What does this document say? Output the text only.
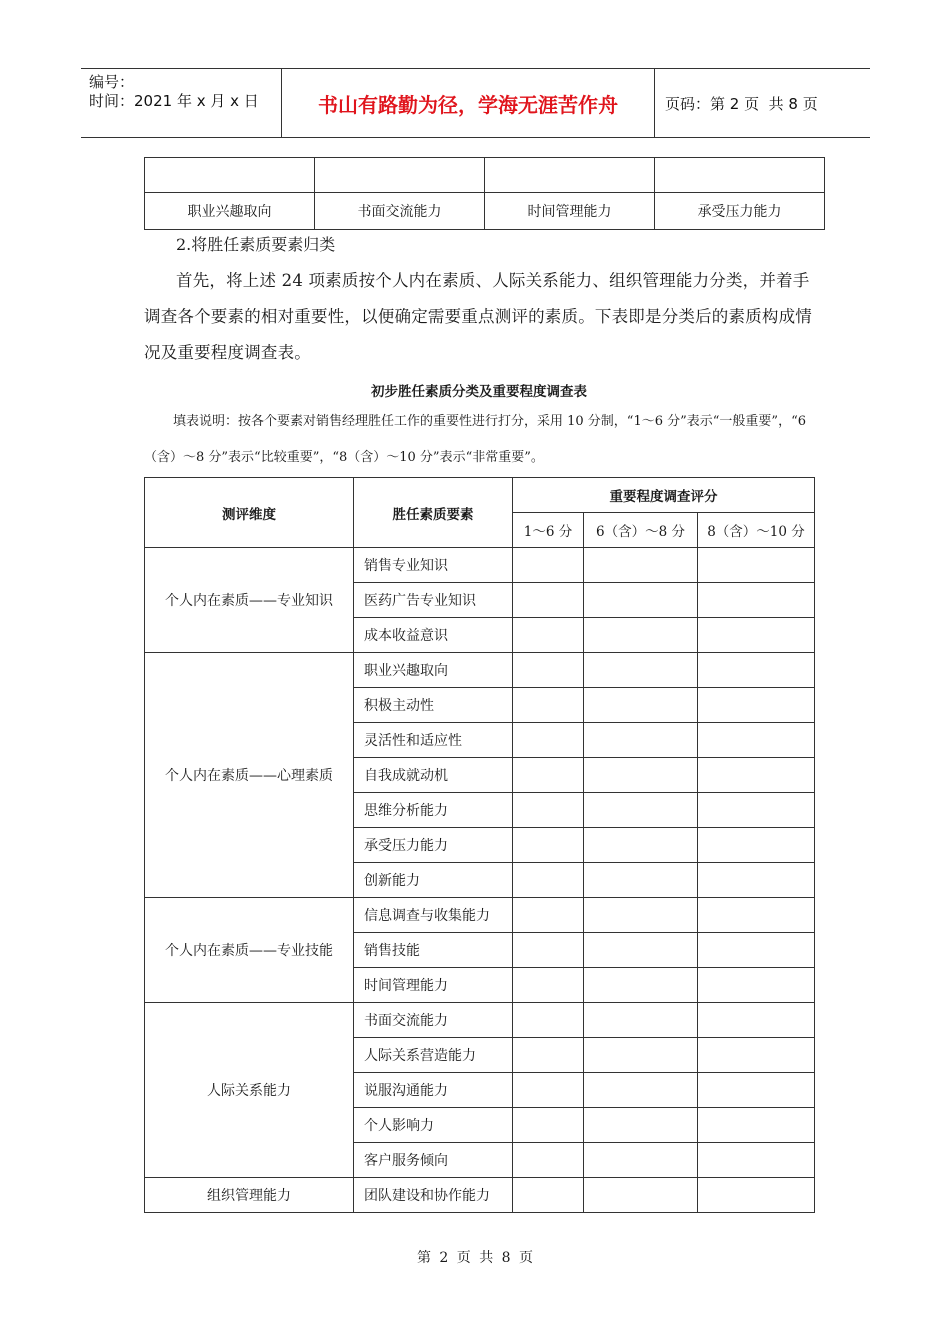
编号：
时间：2021 年 x 月 x 日	书山有路勤为径，学海无涯苦作舟	页码：第 2 页  共 8 页

职业兴趣取向	书面交流能力	时间管理能力	承受压力能力
2.将胜任素质要素归类
首先，将上述 24 项素质按个人内在素质、人际关系能力、组织管理能力分类，并着手调查各个要素的相对重要性，以便确定需要重点测评的素质。下表即是分类后的素质构成情况及重要程度调查表。
初步胜任素质分类及重要程度调查表
填表说明：按各个要素对销售经理胜任工作的重要性进行打分，采用 10 分制，“1～6 分”表示“一般重要”，“6（含）～8 分”表示“比较重要”，“8（含）～10 分”表示“非常重要”。
测评维度	胜任素质要素	重要程度调查评分		
		1～6 分	6（含）～8 分	8（含）～10 分
个人内在素质——专业知识	销售专业知识			
	医药广告专业知识			
	成本收益意识			
个人内在素质——心理素质	职业兴趣取向			
	积极主动性			
	灵活性和适应性			
	自我成就动机			
	思维分析能力			
	承受压力能力			
	创新能力			
个人内在素质——专业技能	信息调查与收集能力			
	销售技能			
	时间管理能力			
人际关系能力	书面交流能力			
	人际关系营造能力			
	说服沟通能力			
	个人影响力			
	客户服务倾向			
组织管理能力	团队建设和协作能力			
第 2 页 共 8 页
